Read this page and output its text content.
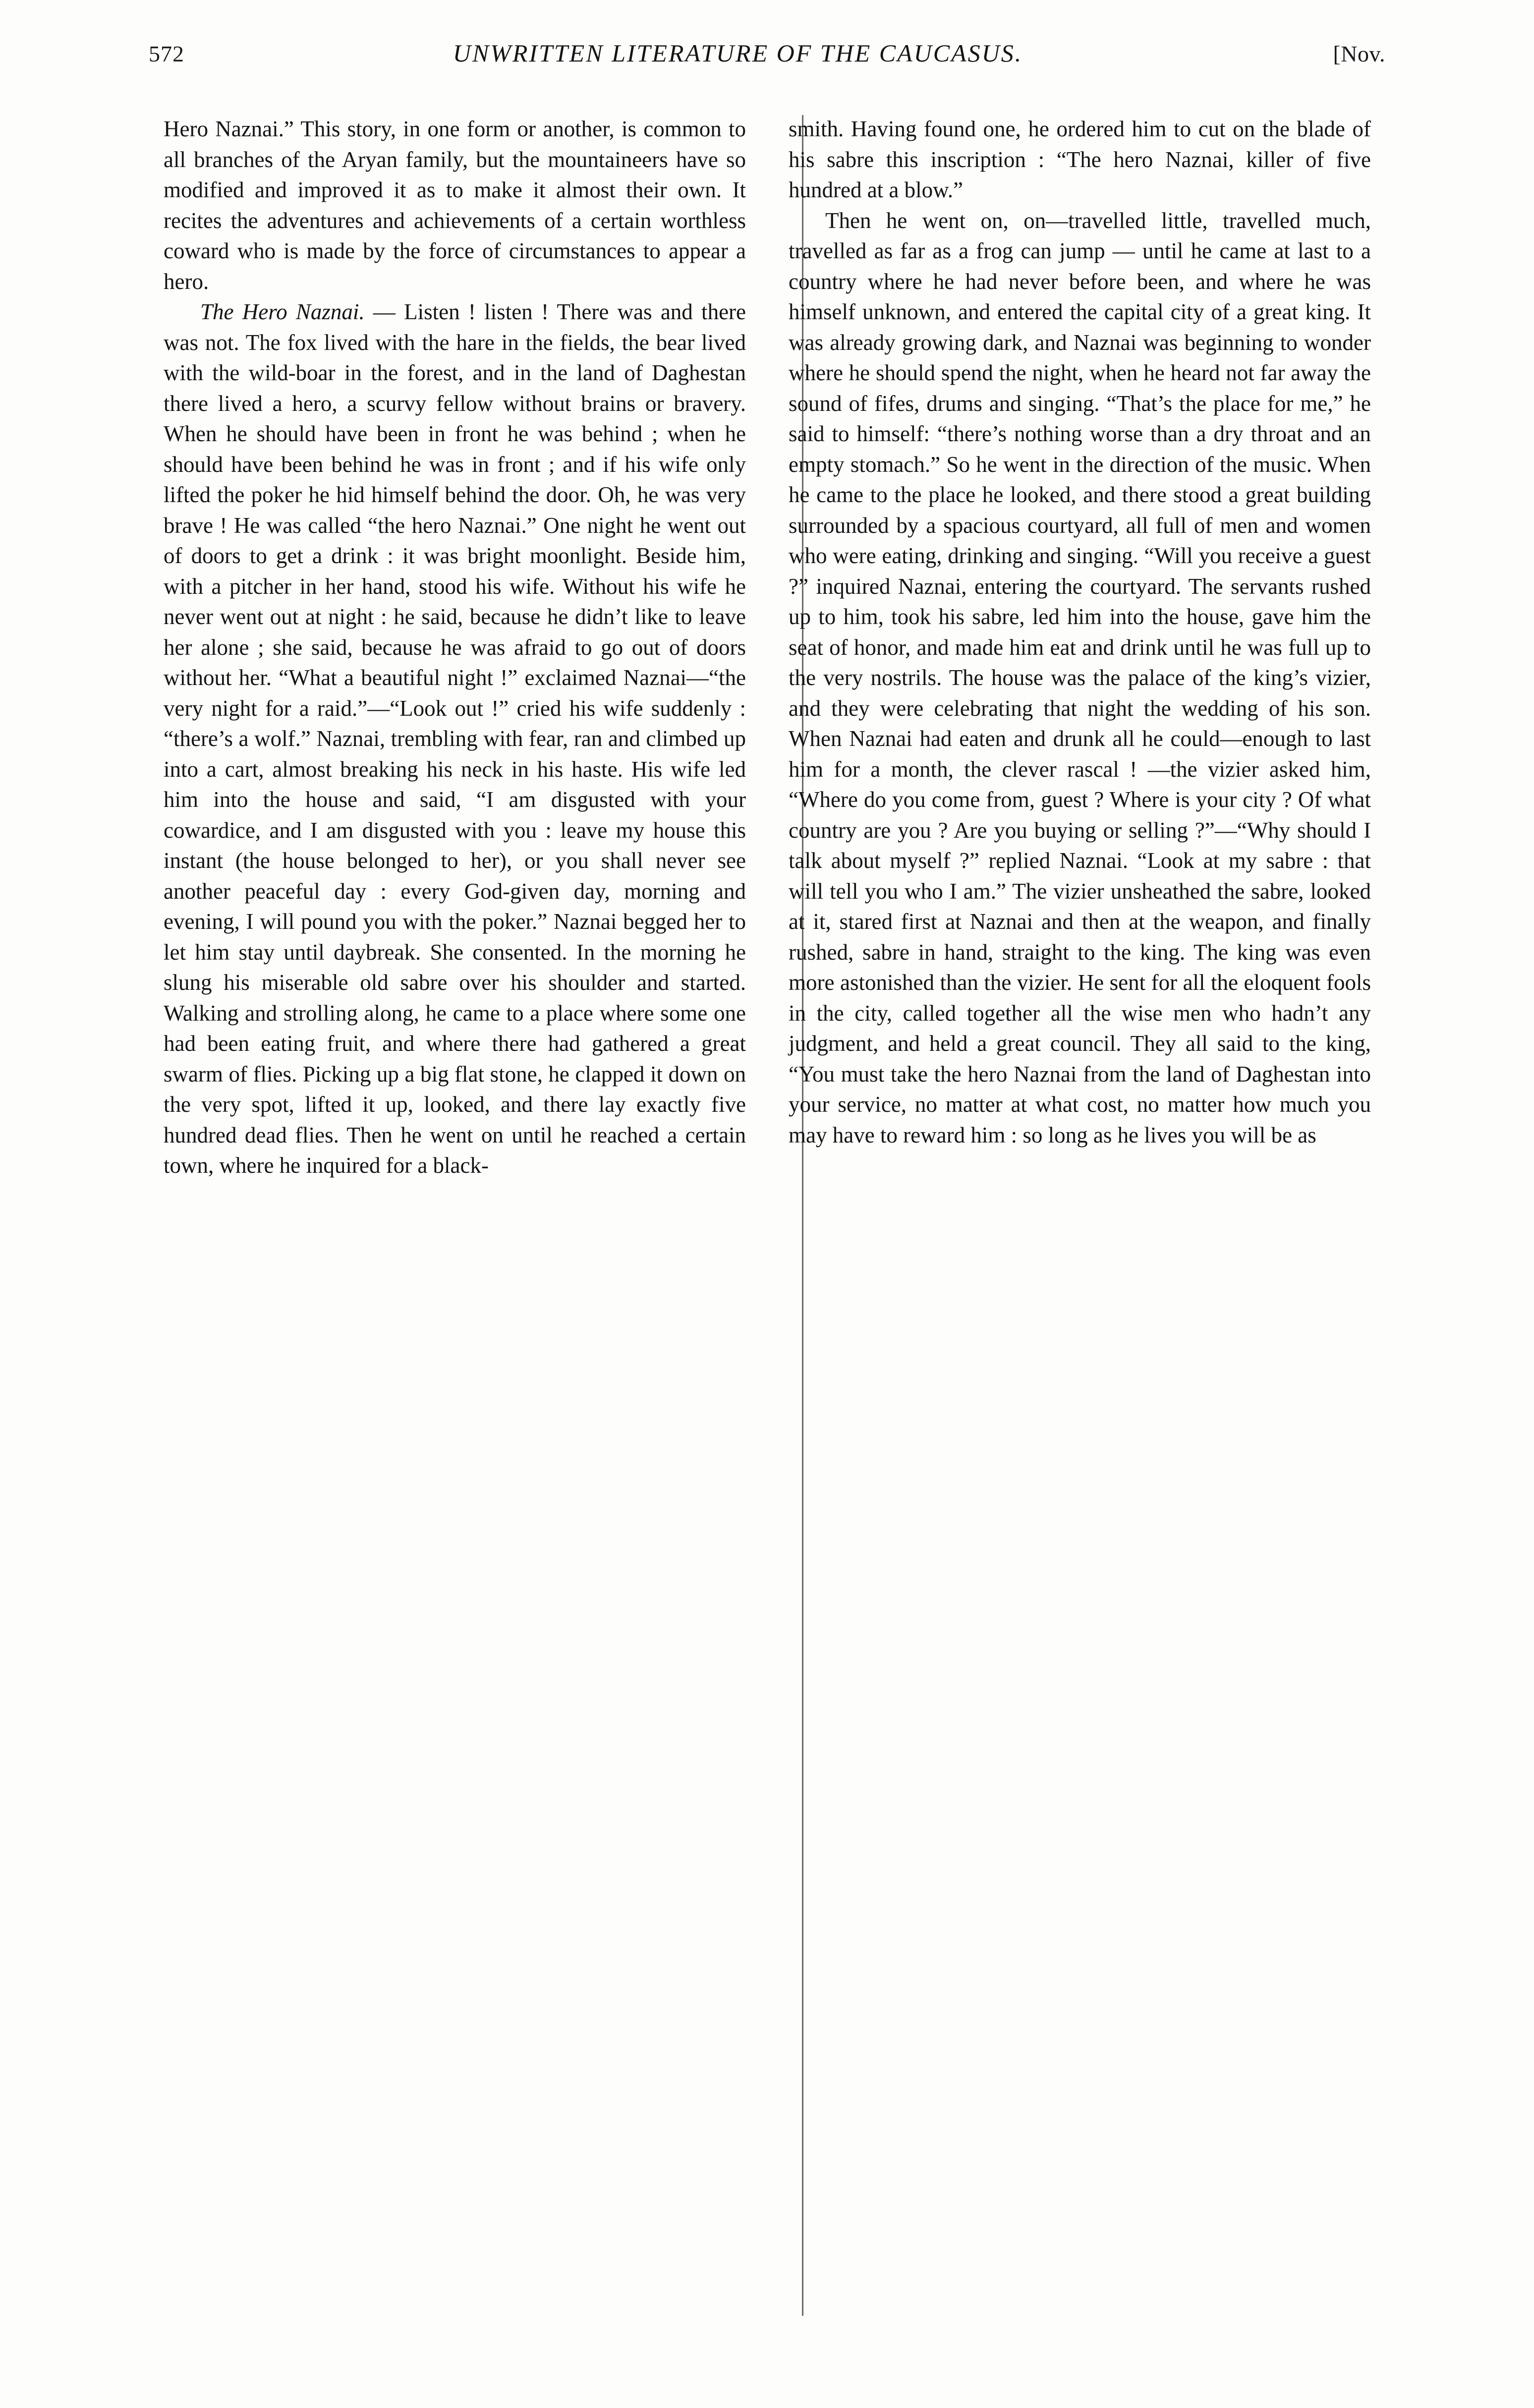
572	UNWRITTEN LITERATURE OF THE CAUCASUS.	[Nov.

Hero Naznai.” This story, in one form or another, is common to all branches of the Aryan family, but the mountaineers have so modified and improved it as to make it almost their own. It recites the adventures and achievements of a certain worthless coward who is made by the force of circumstances to appear a hero.

The Hero Naznai. — Listen ! listen ! There was and there was not. The fox lived with the hare in the fields, the bear lived with the wild-boar in the forest, and in the land of Daghestan there lived a hero, a scurvy fellow without brains or bravery. When he should have been in front he was behind ; when he should have been behind he was in front ; and if his wife only lifted the poker he hid himself behind the door. Oh, he was very brave ! He was called “the hero Naznai.” One night he went out of doors to get a drink : it was bright moonlight. Beside him, with a pitcher in her hand, stood his wife. Without his wife he never went out at night : he said, because he didn’t like to leave her alone ; she said, because he was afraid to go out of doors without her. “What a beautiful night !” exclaimed Naznai—“the very night for a raid.”—“Look out !” cried his wife suddenly : “there’s a wolf.” Naznai, trembling with fear, ran and climbed up into a cart, almost breaking his neck in his haste. His wife led him into the house and said, “I am disgusted with your cowardice, and I am disgusted with you : leave my house this instant (the house belonged to her), or you shall never see another peaceful day : every God-given day, morning and evening, I will pound you with the poker.” Naznai begged her to let him stay until daybreak. She consented. In the morning he slung his miserable old sabre over his shoulder and started. Walking and strolling along, he came to a place where some one had been eating fruit, and where there had gathered a great swarm of flies. Picking up a big flat stone, he clapped it down on the very spot, lifted it up, looked, and there lay exactly five hundred dead flies. Then he went on until he reached a certain town, where he inquired for a black-

smith. Having found one, he ordered him to cut on the blade of his sabre this inscription : “The hero Naznai, killer of five hundred at a blow.”

Then he went on, on—travelled little, travelled much, travelled as far as a frog can jump — until he came at last to a country where he had never before been, and where he was himself unknown, and entered the capital city of a great king. It was already growing dark, and Naznai was beginning to wonder where he should spend the night, when he heard not far away the sound of fifes, drums and singing. “That’s the place for me,” he said to himself: “there’s nothing worse than a dry throat and an empty stomach.” So he went in the direction of the music. When he came to the place he looked, and there stood a great building surrounded by a spacious courtyard, all full of men and women who were eating, drinking and singing. “Will you receive a guest ?” inquired Naznai, entering the courtyard. The servants rushed up to him, took his sabre, led him into the house, gave him the seat of honor, and made him eat and drink until he was full up to the very nostrils. The house was the palace of the king’s vizier, and they were celebrating that night the wedding of his son. When Naznai had eaten and drunk all he could—enough to last him for a month, the clever rascal ! —the vizier asked him, “Where do you come from, guest ? Where is your city ? Of what country are you ? Are you buying or selling ?”—“Why should I talk about myself ?” replied Naznai. “Look at my sabre : that will tell you who I am.” The vizier unsheathed the sabre, looked at it, stared first at Naznai and then at the weapon, and finally rushed, sabre in hand, straight to the king. The king was even more astonished than the vizier. He sent for all the eloquent fools in the city, called together all the wise men who hadn’t any judgment, and held a great council. They all said to the king, “You must take the hero Naznai from the land of Daghestan into your service, no matter at what cost, no matter how much you may have to reward him : so long as he lives you will be as
